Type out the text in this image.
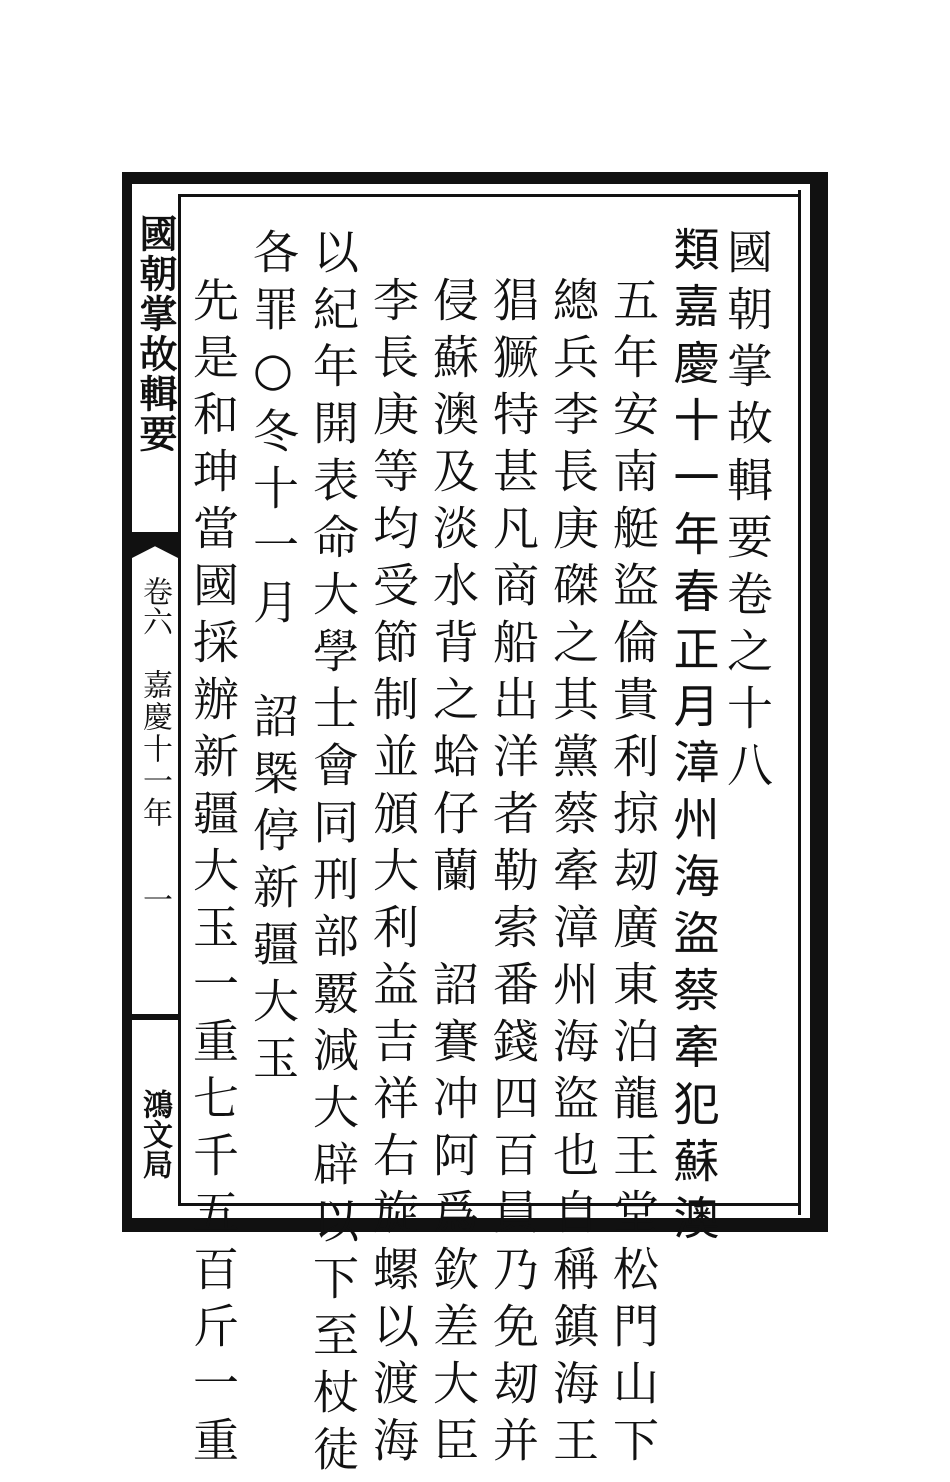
國朝掌故輯要
卷六
嘉慶十一年
一
鴻文局
國朝掌故輯要卷之十八
𩔖嘉慶十一年春正月漳州海盜蔡牽犯蘇澳
五年安南艇盜倫貴利掠刼廣東泊龍王堂松門山下
總兵李長庚磔之其黨蔡牽漳州海盜也自稱鎮海王
猖獗特甚凡商船出洋者勒索番錢四百員乃免刼并
侵蘇澳及淡水背之蛤仔蘭　詔賽冲阿爲欽差大臣
李長庚等均受節制並頒大利益吉祥右旋螺以渡海
以紀年開表命大學士會同刑部覈減大辟以下至杖徒
各罪○冬十一月　詔槩停新疆大玉
先是和珅當國採辦新疆大玉一重七千五百斤一重
